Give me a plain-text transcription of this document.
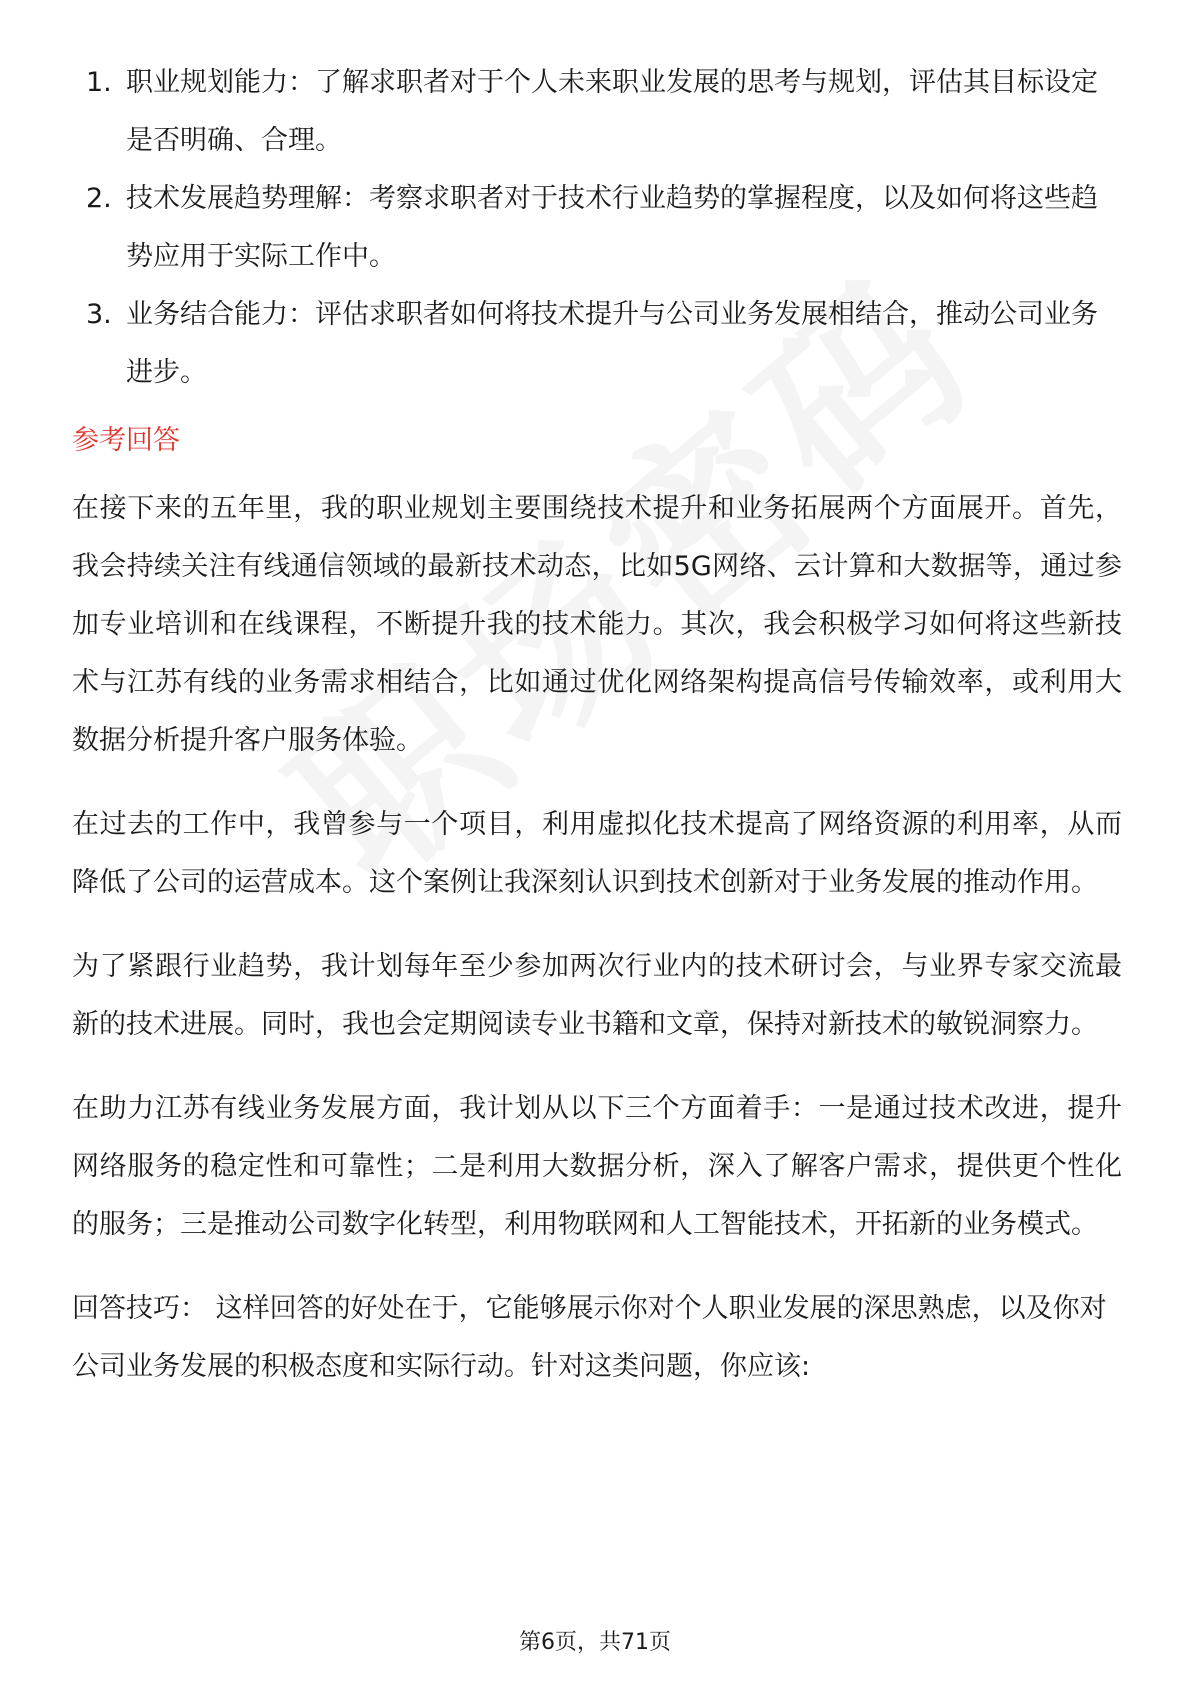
1. 职业规划能力：了解求职者对于个人未来职业发展的思考与规划，评估其目标设定是否明确、合理。
2. 技术发展趋势理解：考察求职者对于技术行业趋势的掌握程度，以及如何将这些趋势应用于实际工作中。
3. 业务结合能力：评估求职者如何将技术提升与公司业务发展相结合，推动公司业务进步。
参考回答

在接下来的五年里，我的职业规划主要围绕技术提升和业务拓展两个方面展开。首先，我会持续关注有线通信领域的最新技术动态，比如5G网络、云计算和大数据等，通过参加专业培训和在线课程，不断提升我的技术能力。其次，我会积极学习如何将这些新技术与江苏有线的业务需求相结合，比如通过优化网络架构提高信号传输效率，或利用大数据分析提升客户服务体验。

在过去的工作中，我曾参与一个项目，利用虚拟化技术提高了网络资源的利用率，从而降低了公司的运营成本。这个案例让我深刻认识到技术创新对于业务发展的推动作用。

为了紧跟行业趋势，我计划每年至少参加两次行业内的技术研讨会，与业界专家交流最新的技术进展。同时，我也会定期阅读专业书籍和文章，保持对新技术的敏锐洞察力。

在助力江苏有线业务发展方面，我计划从以下三个方面着手：一是通过技术改进，提升网络服务的稳定性和可靠性；二是利用大数据分析，深入了解客户需求，提供更个性化的服务；三是推动公司数字化转型，利用物联网和人工智能技术，开拓新的业务模式。

回答技巧： 这样回答的好处在于，它能够展示你对个人职业发展的深思熟虑，以及你对公司业务发展的积极态度和实际行动。针对这类问题，你应该:

第6页，共71页
